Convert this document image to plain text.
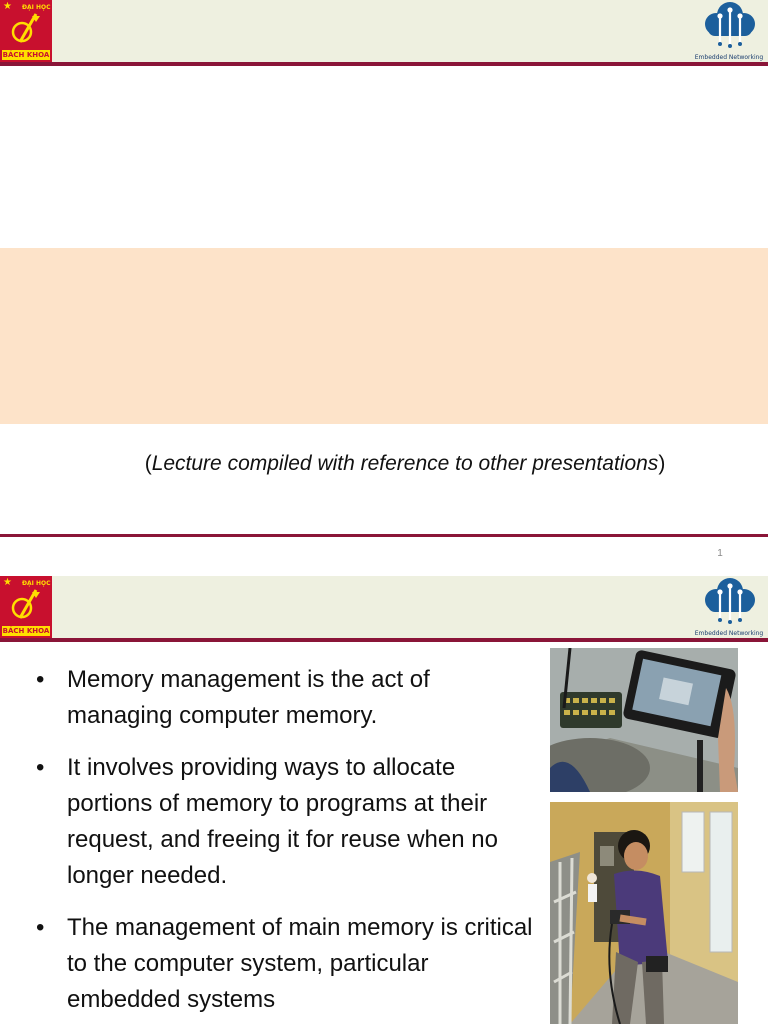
★ ĐẠI HỌC
BÁCH KHOA	Embedded Networking
(Lecture compiled with reference to other presentations)
1
★ ĐẠI HỌC
BÁCH KHOA	Embedded Networking
• Memory management is the act of managing computer memory.
• It involves providing ways to allocate portions of memory to programs at their request, and freeing it for reuse when no longer needed.
• The management of main memory is critical to the computer system, particular embedded systems
